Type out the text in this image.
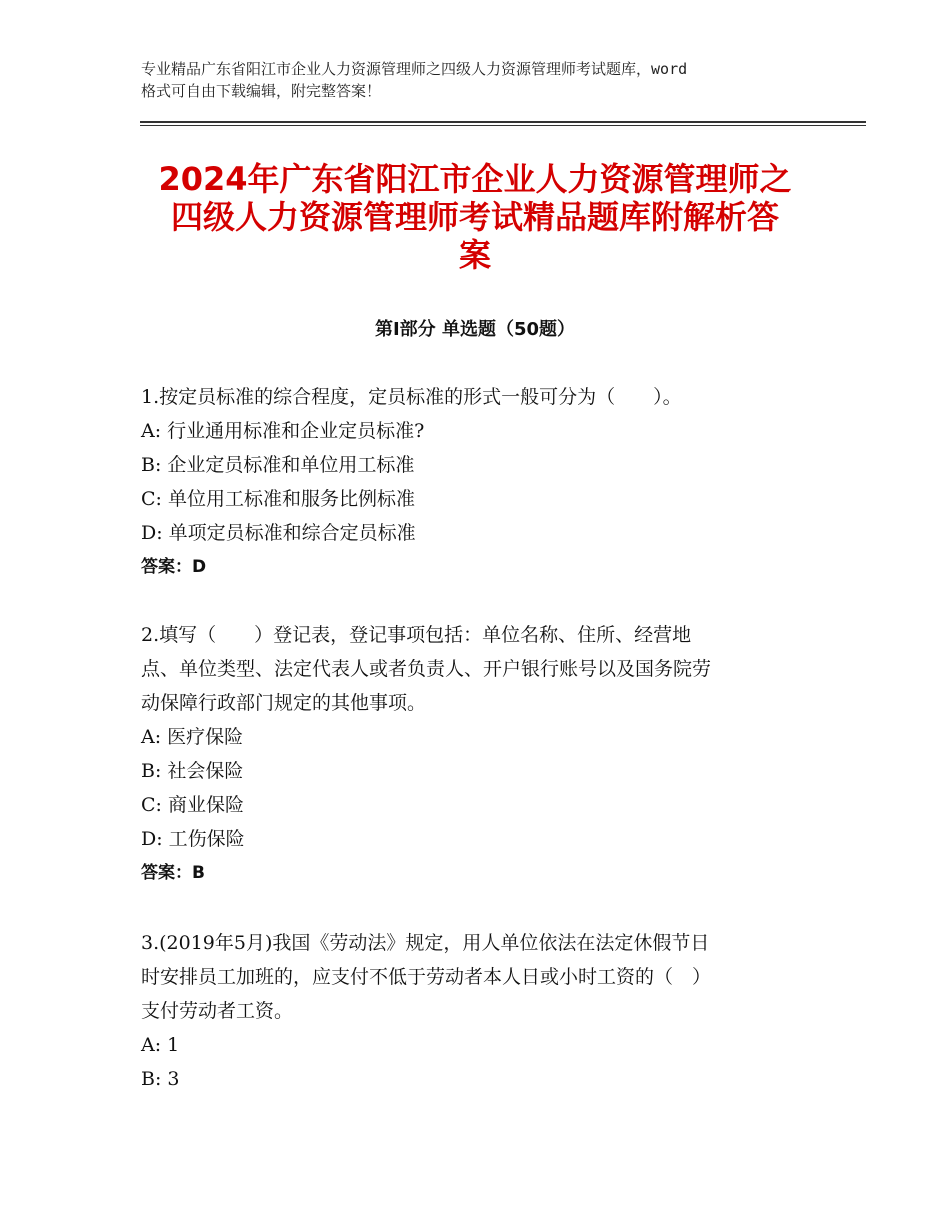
专业精品广东省阳江市企业人力资源管理师之四级人力资源管理师考试题库，word
格式可自由下载编辑，附完整答案！
2024年广东省阳江市企业人力资源管理师之
四级人力资源管理师考试精品题库附解析答
案
第Ⅰ部分 单选题（50题）
1.按定员标准的综合程度，定员标准的形式一般可分为（　　）。
A: 行业通用标准和企业定员标准?
B: 企业定员标准和单位用工标准
C: 单位用工标准和服务比例标准
D: 单项定员标准和综合定员标准
答案：D
2.填写（　　）登记表，登记事项包括：单位名称、住所、经营地
点、单位类型、法定代表人或者负责人、开户银行账号以及国务院劳
动保障行政部门规定的其他事项。
A: 医疗保险
B: 社会保险
C: 商业保险
D: 工伤保险
答案：B
3.(2019年5月)我国《劳动法》规定，用人单位依法在法定休假节日
时安排员工加班的，应支付不低于劳动者本人日或小时工资的（　）
支付劳动者工资。
A: 1
B: 3
